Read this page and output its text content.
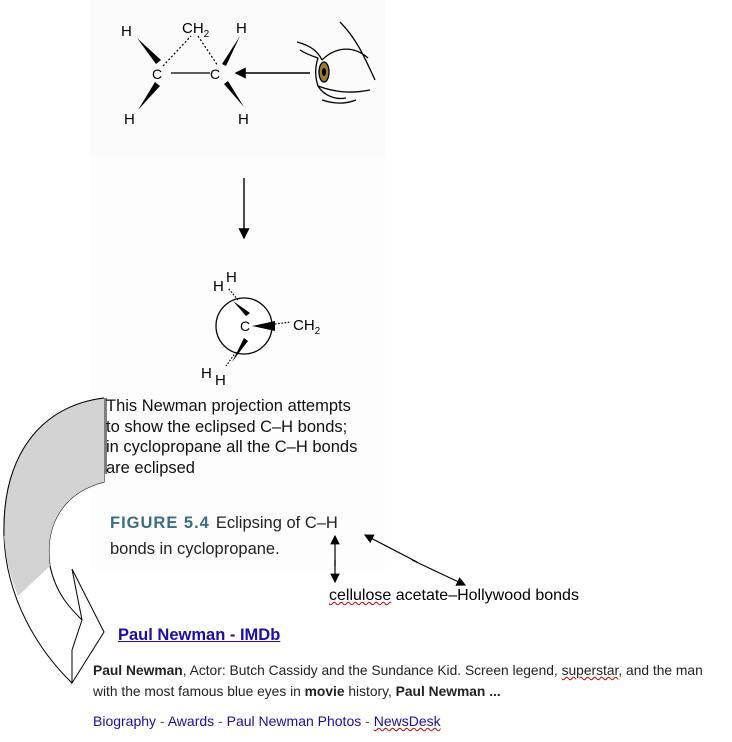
H	$CH_2$ H
C	C
H	H
H
H
C	$CH_2$
H H
This Newman projection attempts
to show the eclipsed C–H bonds;
in cyclopropane all the C–H bonds
are eclipsed
FIGURE 5.4 Eclipsing of C–H
bonds in cyclopropane.
cellulose acetate–Hollywood bonds
Paul Newman - IMDb
Paul Newman, Actor: Butch Cassidy and the Sundance Kid. Screen legend, superstar, and the man with the most famous blue eyes in movie history, Paul Newman ...
Biography - Awards - Paul Newman Photos - NewsDesk
